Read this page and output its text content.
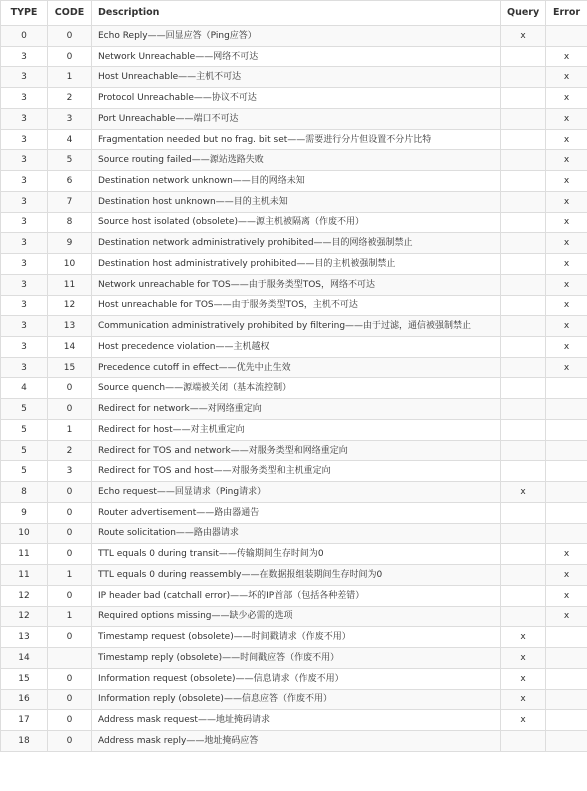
TYPE	CODE	Description	Query	Error
0	0	Echo Reply——回显应答（Ping应答）	x	
3	0	Network Unreachable——网络不可达		x
3	1	Host Unreachable——主机不可达		x
3	2	Protocol Unreachable——协议不可达		x
3	3	Port Unreachable——端口不可达		x
3	4	Fragmentation needed but no frag. bit set——需要进行分片但设置不分片比特		x
3	5	Source routing failed——源站选路失败		x
3	6	Destination network unknown——目的网络未知		x
3	7	Destination host unknown——目的主机未知		x
3	8	Source host isolated (obsolete)——源主机被隔离（作废不用）		x
3	9	Destination network administratively prohibited——目的网络被强制禁止		x
3	10	Destination host administratively prohibited——目的主机被强制禁止		x
3	11	Network unreachable for TOS——由于服务类型TOS，网络不可达		x
3	12	Host unreachable for TOS——由于服务类型TOS，主机不可达		x
3	13	Communication administratively prohibited by filtering——由于过滤，通信被强制禁止		x
3	14	Host precedence violation——主机越权		x
3	15	Precedence cutoff in effect——优先中止生效		x
4	0	Source quench——源端被关闭（基本流控制）		
5	0	Redirect for network——对网络重定向		
5	1	Redirect for host——对主机重定向		
5	2	Redirect for TOS and network——对服务类型和网络重定向		
5	3	Redirect for TOS and host——对服务类型和主机重定向		
8	0	Echo request——回显请求（Ping请求）	x	
9	0	Router advertisement——路由器通告		
10	0	Route solicitation——路由器请求		
11	0	TTL equals 0 during transit——传输期间生存时间为0		x
11	1	TTL equals 0 during reassembly——在数据报组装期间生存时间为0		x
12	0	IP header bad (catchall error)——坏的IP首部（包括各种差错）		x
12	1	Required options missing——缺少必需的选项		x
13	0	Timestamp request (obsolete)——时间戳请求（作废不用）	x	
14		Timestamp reply (obsolete)——时间戳应答（作废不用）	x	
15	0	Information request (obsolete)——信息请求（作废不用）	x	
16	0	Information reply (obsolete)——信息应答（作废不用）	x	
17	0	Address mask request——地址掩码请求	x	
18	0	Address mask reply——地址掩码应答		
